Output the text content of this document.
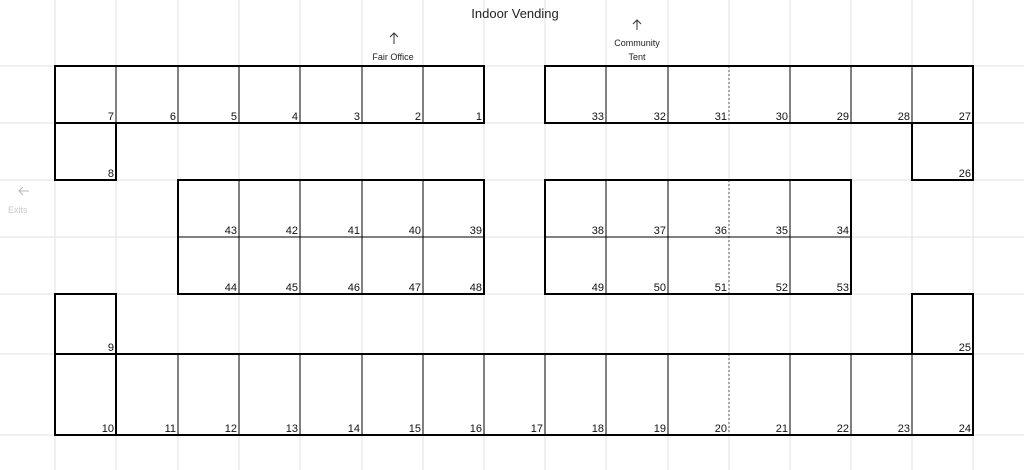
Indoor Vending
Fair Office
Community
Tent
Exits
7	6	5	4	3	2	1
8
33	32	31	30	29	28	27
26
43	42	41	40	39
44	45	46	47	48
38	37	36	35	34
49	50	51	52	53
9	25
10	11	12	13	14	15	16	17	18	19	20	21	22	23	24
